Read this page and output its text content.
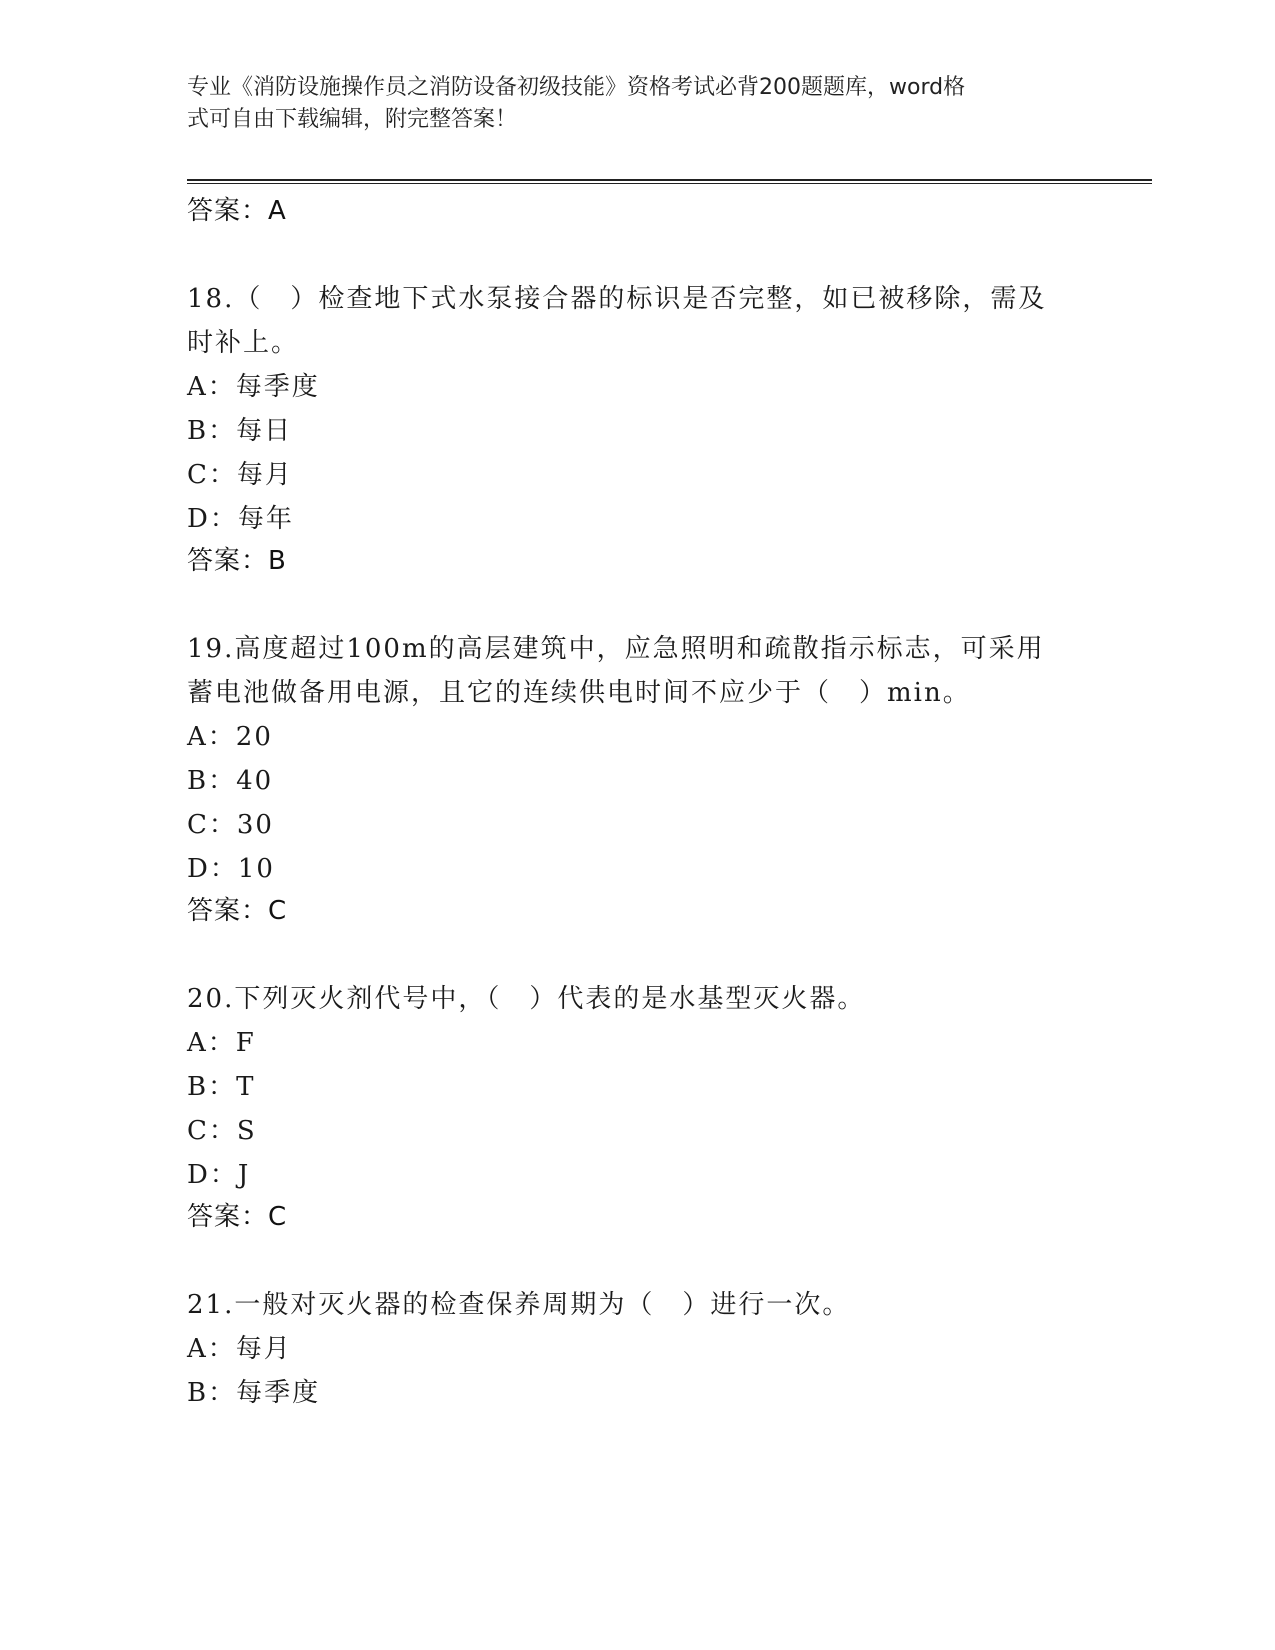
专业《消防设施操作员之消防设备初级技能》资格考试必背200题题库，word格
式可自由下载编辑，附完整答案！
答案：A
18.（　）检查地下式水泵接合器的标识是否完整，如已被移除，需及
时补上。
A：每季度
B：每日
C：每月
D：每年
答案：B
19.高度超过100m的高层建筑中，应急照明和疏散指示标志，可采用
蓄电池做备用电源，且它的连续供电时间不应少于（　）min。
A：20
B：40
C：30
D：10
答案：C
20.下列灭火剂代号中，（　）代表的是水基型灭火器。
A：F
B：T
C：S
D：J
答案：C
21.一般对灭火器的检查保养周期为（　）进行一次。
A：每月
B：每季度
